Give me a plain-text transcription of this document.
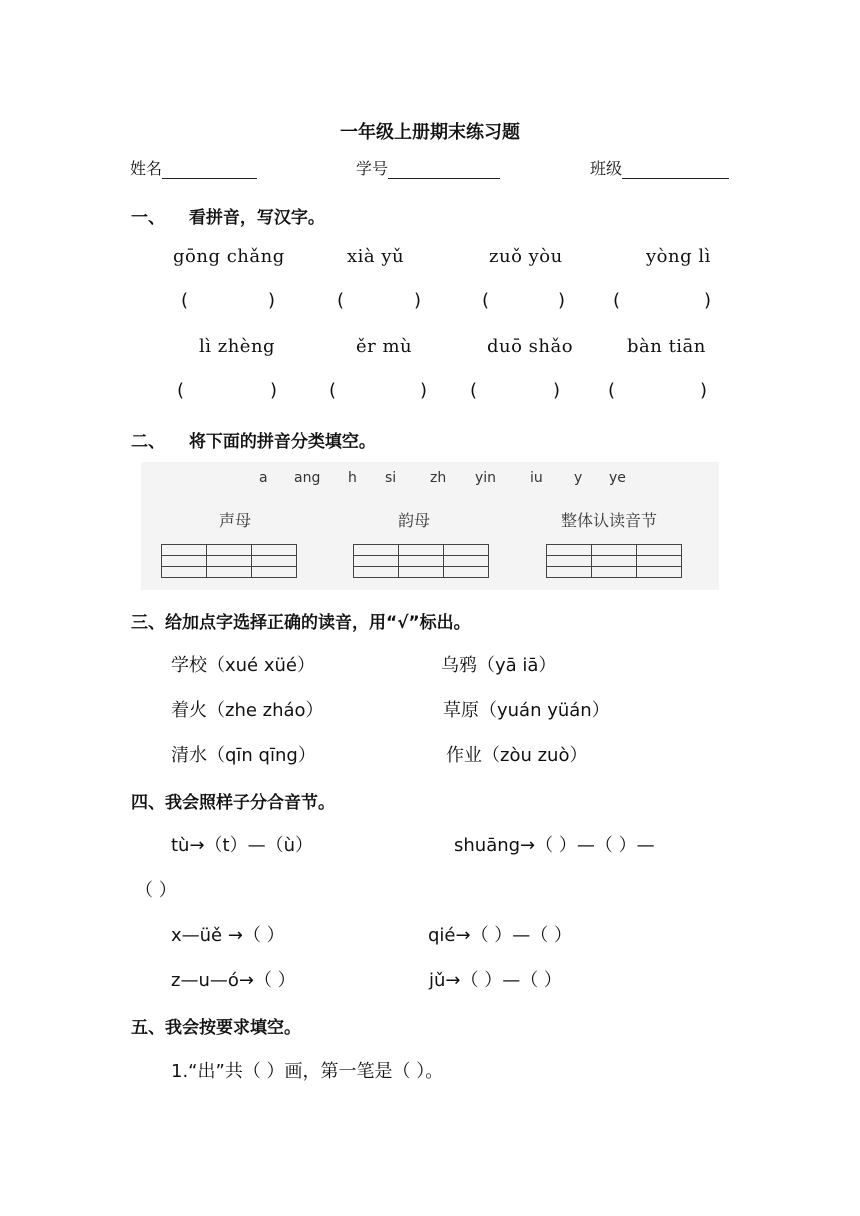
一年级上册期末练习题
姓名	学号	班级
一、 看拼音，写汉字。
gōng chǎng	xià yǔ	zuǒ yòu	yòng lì
(	)	(	)	(	)	(	)
lì zhèng	ěr mù	duō shǎo	bàn tiān
(	)	(	) (	)	(	)
二、 将下面的拼音分类填空。
a ang h si zh yin iu y ye
声母	韵母	整体认读音节

三、给加点字选择正确的读音，用“√”标出。
学校（xué xüé）	乌鸦（yā iā）
着火（zhe zháo）	草原（yuán yüán）
清水（qīn qīng）	作业（zòu zuò）
四、我会照样子分合音节。
tù→（t）—（ù）	shuāng→（ ）—（ ）—
（ ）
x—üě →（ ）	qié→（ ）—（ ）
z—u—ó→（ ）	jǔ→（ ）—（ ）
五、我会按要求填空。
1.“出”共（ ）画，第一笔是（ ）。
